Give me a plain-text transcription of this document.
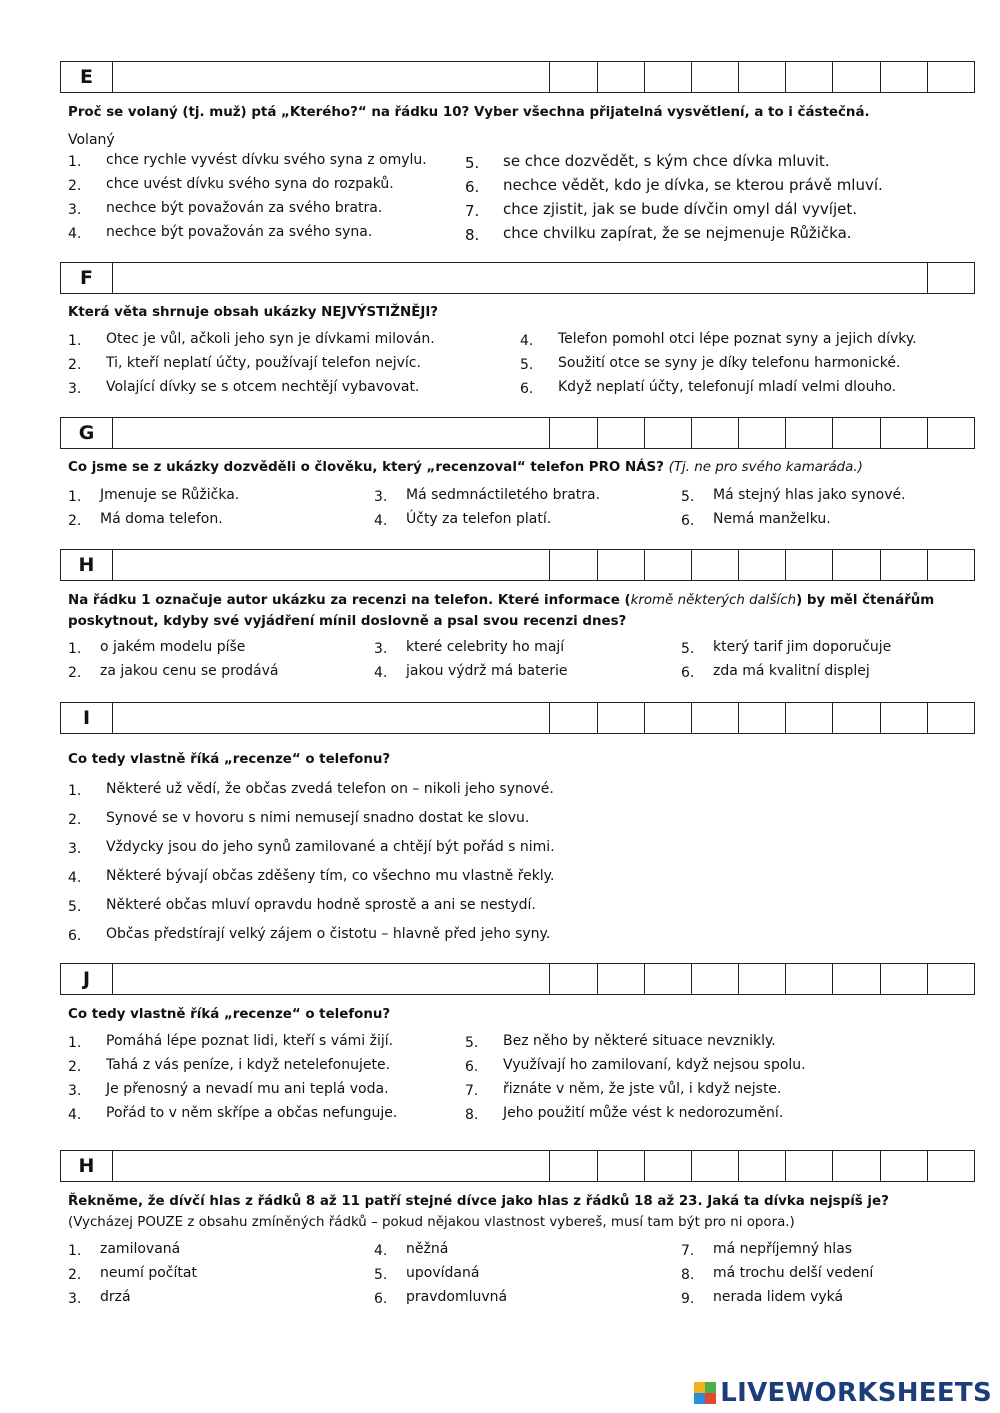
E
Proč se volaný (tj. muž) ptá „Kterého?“ na řádku 10? Vyber všechna přijatelná vysvětlení, a to i částečná.
Volaný
1.	chce rychle vyvést dívku svého syna z omylu.
2.	chce uvést dívku svého syna do rozpaků.
3.	nechce být považován za svého bratra.
4.	nechce být považován za svého syna.
5.	se chce dozvědět, s kým chce dívka mluvit.
6.	nechce vědět, kdo je dívka, se kterou právě mluví.
7.	chce zjistit, jak se bude dívčin omyl dál vyvíjet.
8.	chce chvilku zapírat, že se nejmenuje Růžička.
F
Která věta shrnuje obsah ukázky NEJVÝSTIŽNĚJI?
1.	Otec je vůl, ačkoli jeho syn je dívkami milován.
2.	Ti, kteří neplatí účty, používají telefon nejvíc.
3.	Volající dívky se s otcem nechtějí vybavovat.
4.	Telefon pomohl otci lépe poznat syny a jejich dívky.
5.	Soužití otce se syny je díky telefonu harmonické.
6.	Když neplatí účty, telefonují mladí velmi dlouho.
G
Co jsme se z ukázky dozvěděli o člověku, který „recenzoval“ telefon PRO NÁS? (Tj. ne pro svého kamaráda.)
1.	Jmenuje se Růžička.
2.	Má doma telefon.
3.	Má sedmnáctiletého bratra.
4.	Účty za telefon platí.
5.	Má stejný hlas jako synové.
6.	Nemá manželku.
H
Na řádku 1 označuje autor ukázku za recenzi na telefon. Které informace (kromě některých dalších) by měl čtenářům poskytnout, kdyby své vyjádření mínil doslovně a psal svou recenzi dnes?
1.	o jakém modelu píše
2.	za jakou cenu se prodává
3.	které celebrity ho mají
4.	jakou výdrž má baterie
5.	který tarif jim doporučuje
6.	zda má kvalitní displej
I
Co tedy vlastně říká „recenze“ o telefonu?
1.	Některé už vědí, že občas zvedá telefon on – nikoli jeho synové.
2.	Synové se v hovoru s nimi nemusejí snadno dostat ke slovu.
3.	Vždycky jsou do jeho synů zamilované a chtějí být pořád s nimi.
4.	Některé bývají občas zděšeny tím, co všechno mu vlastně řekly.
5.	Některé občas mluví opravdu hodně sprostě a ani se nestydí.
6.	Občas předstírají velký zájem o čistotu – hlavně před jeho syny.
J
Co tedy vlastně říká „recenze“ o telefonu?
1.	Pomáhá lépe poznat lidi, kteří s vámi žijí.
2.	Tahá z vás peníze, i když netelefonujete.
3.	Je přenosný a nevadí mu ani teplá voda.
4.	Pořád to v něm skřípe a občas nefunguje.
5.	Bez něho by některé situace nevznikly.
6.	Využívají ho zamilovaní, když nejsou spolu.
7.	řiznáte v něm, že jste vůl, i když nejste.
8.	Jeho použití může vést k nedorozumění.
H
Řekněme, že dívčí hlas z řádků 8 až 11 patří stejné dívce jako hlas z řádků 18 až 23. Jaká ta dívka nejspíš je?
(Vycházej POUZE z obsahu zmíněných řádků – pokud nějakou vlastnost vybereš, musí tam být pro ni opora.)
1.	zamilovaná
2.	neumí počítat
3.	drzá
4.	něžná
5.	upovídaná
6.	pravdomluvná
7.	má nepříjemný hlas
8.	má trochu delší vedení
9.	nerada lidem vyká
LIVEWORKSHEETS
